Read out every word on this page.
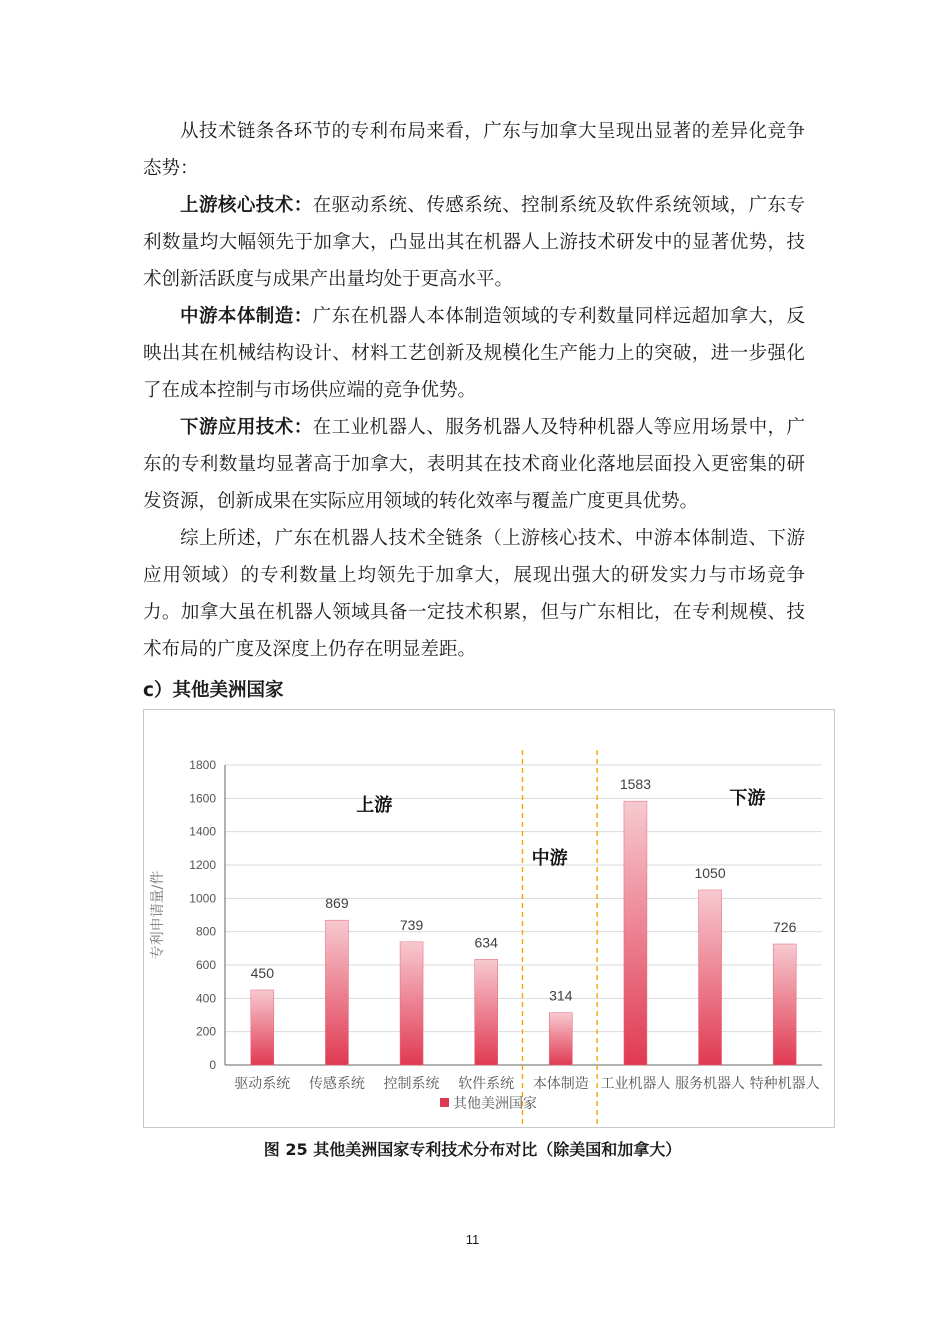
从技术链条各环节的专利布局来看，广东与加拿大呈现出显著的差异化竞争态势：

上游核心技术：在驱动系统、传感系统、控制系统及软件系统领域，广东专利数量均大幅领先于加拿大，凸显出其在机器人上游技术研发中的显著优势，技术创新活跃度与成果产出量均处于更高水平。

中游本体制造：广东在机器人本体制造领域的专利数量同样远超加拿大，反映出其在机械结构设计、材料工艺创新及规模化生产能力上的突破，进一步强化了在成本控制与市场供应端的竞争优势。

下游应用技术：在工业机器人、服务机器人及特种机器人等应用场景中，广东的专利数量均显著高于加拿大，表明其在技术商业化落地层面投入更密集的研发资源，创新成果在实际应用领域的转化效率与覆盖广度更具优势。

综上所述，广东在机器人技术全链条（上游核心技术、中游本体制造、下游应用领域）的专利数量上均领先于加拿大，展现出强大的研发实力与市场竞争力。加拿大虽在机器人领域具备一定技术积累，但与广东相比，在专利规模、技术布局的广度及深度上仍存在明显差距。

c）其他美洲国家
0
200
400
600
800
1000
1200
1400
1600
1800
专利申请量/件
450
驱动系统
869
传感系统
739
控制系统
634
软件系统
314
本体制造
1583
工业机器人
1050
服务机器人
726
特种机器人
上游
中游
下游
其他美洲国家
图 25 其他美洲国家专利技术分布对比（除美国和加拿大）
11
